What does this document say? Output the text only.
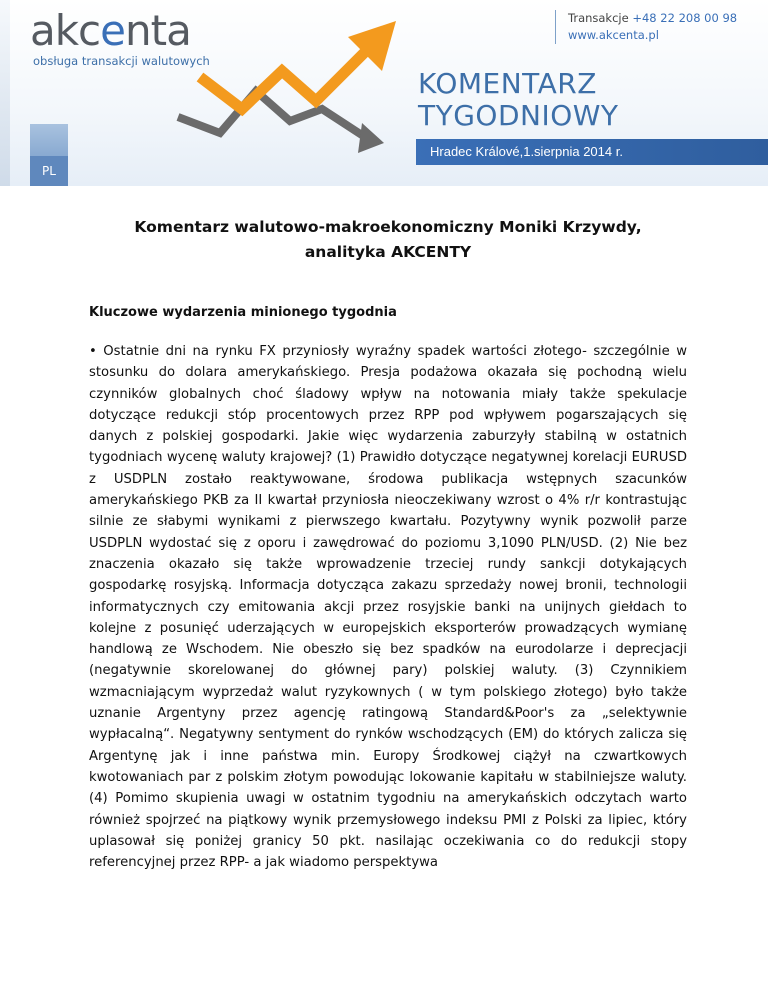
akcenta
obsługa transakcji walutowych
Transakcje +48 22 208 00 98
www.akcenta.pl
KOMENTARZ
TYGODNIOWY
Hradec Králové,1.sierpnia 2014 r.
PL

Komentarz walutowo-makroekonomiczny Moniki Krzywdy,
analityka AKCENTY

Kluczowe wydarzenia minionego tygodnia

• Ostatnie dni na rynku FX przyniosły wyraźny spadek wartości złotego- szczególnie w stosunku do dolara amerykańskiego. Presja podażowa okazała się pochodną wielu czynników globalnych choć śladowy wpływ na notowania miały także spekulacje dotyczące redukcji stóp procentowych przez RPP pod wpływem pogarszających się danych z polskiej gospodarki. Jakie więc wydarzenia zaburzyły stabilną w ostatnich tygodniach wycenę waluty krajowej? (1) Prawidło dotyczące negatywnej korelacji EURUSD z USDPLN zostało reaktywowane, środowa publikacja wstępnych szacunków amerykańskiego PKB za II kwartał przyniosła nieoczekiwany wzrost o 4% r/r kontrastując silnie ze słabymi wynikami z pierwszego kwartału. Pozytywny wynik pozwolił parze USDPLN wydostać się z oporu i zawędrować do poziomu 3,1090 PLN/USD. (2) Nie bez znaczenia okazało się także wprowadzenie trzeciej rundy sankcji dotykających gospodarkę rosyjską. Informacja dotycząca zakazu sprzedaży nowej bronii, technologii informatycznych czy emitowania akcji przez rosyjskie banki na unijnych giełdach to kolejne z posunięć uderzających w europejskich eksporterów prowadzących wymianę handlową ze Wschodem. Nie obeszło się bez spadków na eurodolarze i deprecjacji (negatywnie skorelowanej do głównej pary) polskiej waluty. (3) Czynnikiem wzmacniającym wyprzedaż walut ryzykownych ( w tym polskiego złotego) było także uznanie Argentyny przez agencję ratingową Standard&Poor's za „selektywnie wypłacalną“. Negatywny sentyment do rynków wschodzących (EM) do których zalicza się Argentynę jak i inne państwa min. Europy Środkowej ciążył na czwartkowych kwotowaniach par z polskim złotym powodując lokowanie kapitału w stabilniejsze waluty. (4) Pomimo skupienia uwagi w ostatnim tygodniu na amerykańskich odczytach warto również spojrzeć na piątkowy wynik przemysłowego indeksu PMI z Polski za lipiec, który uplasował się poniżej granicy 50 pkt. nasilając oczekiwania co do redukcji stopy referencyjnej przez RPP- a jak wiadomo perspektywa
